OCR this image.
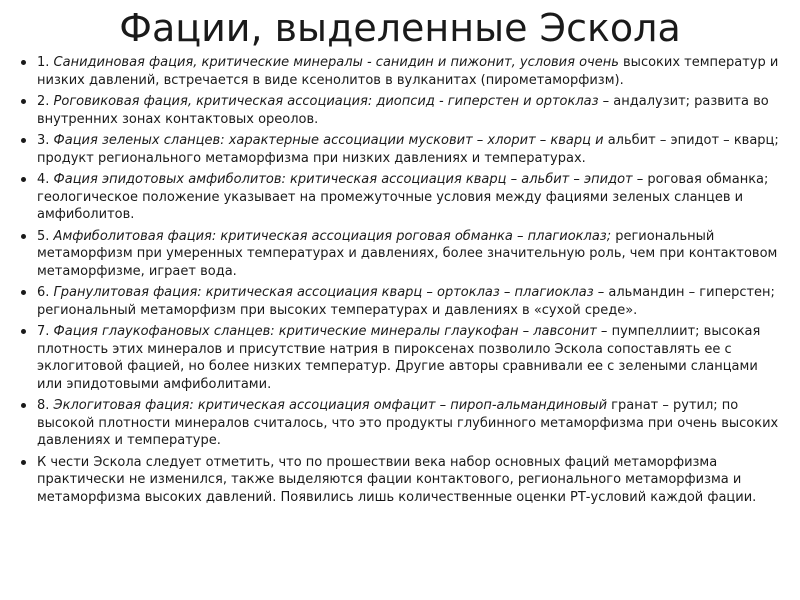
Фации, выделенные Эскола
1. Санидиновая фация, критические минералы - санидин и пижонит, условия очень высоких температур и низких давлений, встречается в виде ксенолитов в вулканитах (пирометаморфизм).
2. Роговиковая фация, критическая ассоциация: диопсид - гиперстен и ортоклаз – андалузит; развита во внутренних зонах контактовых ореолов.
3. Фация зеленых сланцев: характерные ассоциации мусковит – хлорит – кварц и альбит – эпидот – кварц; продукт регионального метаморфизма при низких давлениях и температурах.
4. Фация эпидотовых амфиболитов: критическая ассоциация кварц – альбит – эпидот – роговая обманка; геологическое положение указывает на промежуточные условия между фациями зеленых сланцев и амфиболитов.
5. Амфиболитовая фация: критическая ассоциация роговая обманка – плагиоклаз; региональный метаморфизм при умеренных температурах и давлениях, более значительную роль, чем при контактовом метаморфизме, играет вода.
6. Гранулитовая фация: критическая ассоциация кварц – ортоклаз – плагиоклаз – альмандин – гиперстен; региональный метаморфизм при высоких температурах и давлениях в «сухой среде».
7. Фация глаукофановых сланцев: критические минералы глаукофан – лавсонит – пумпеллиит; высокая плотность этих минералов и присутствие натрия в пироксенах позволило Эскола сопоставлять ее с эклогитовой фацией, но более низких температур. Другие авторы сравнивали ее с зелеными сланцами или эпидотовыми амфиболитами.
8. Эклогитовая фация: критическая ассоциация омфацит – пироп-альмандиновый гранат – рутил; по высокой плотности минералов считалось, что это продукты глубинного метаморфизма при очень высоких давлениях и температуре.
К чести Эскола следует отметить, что по прошествии века набор основных фаций метаморфизма практически не изменился, также выделяются фации контактового, регионального метаморфизма и метаморфизма высоких давлений. Появились лишь количественные оценки РТ-условий каждой фации.
